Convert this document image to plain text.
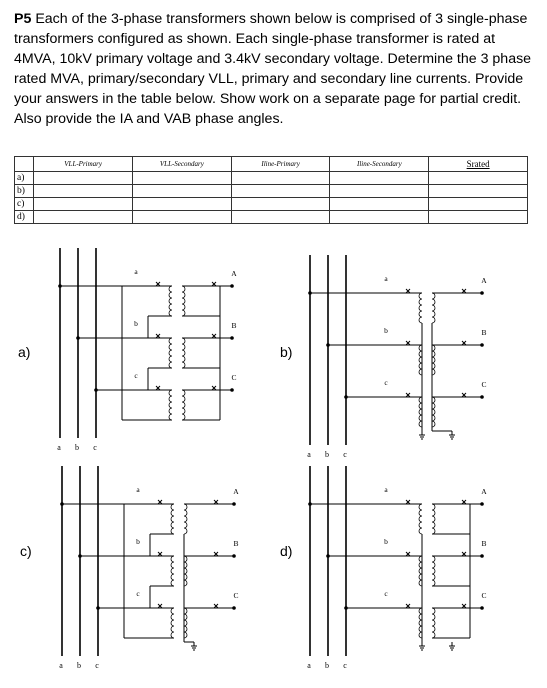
P5 Each of the 3-phase transformers shown below is comprised of 3 single-phase transformers configured as shown. Each single-phase transformer is rated at 4MVA, 10kV primary voltage and 3.4kV secondary voltage. Determine the 3 phase rated MVA, primary/secondary VLL, primary and secondary line currents. Provide your answers in the table below. Show work on a separate page for partial credit. Also provide the IA and VAB phase angles.

	VLL-Primary	VLL-Secondary	Iline-Primary	Iline-Secondary	Srated
a)					
b)					
c)					
d)					
a)	b)
c)	d)
a b c
a	A
b	B
c	C
a b c
a	A
b	B
c	C
a b c
a	A
b	B
c	C
a b c
a	A
b	B
c	C
